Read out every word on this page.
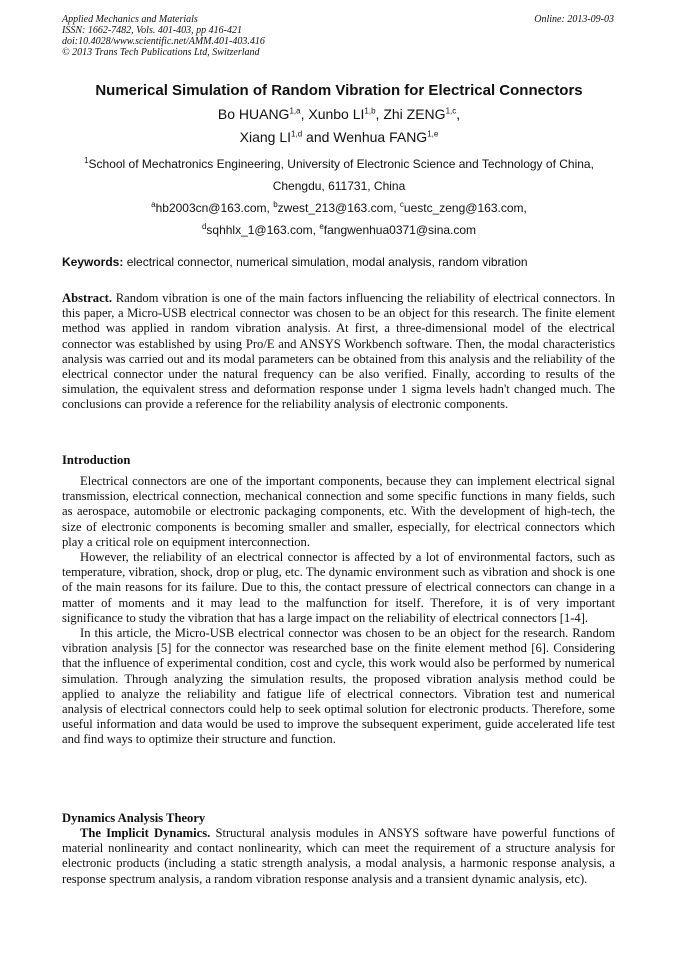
Applied Mechanics and Materials
ISSN: 1662-7482, Vols. 401-403, pp 416-421
doi:10.4028/www.scientific.net/AMM.401-403.416
© 2013 Trans Tech Publications Ltd, Switzerland
Online: 2013-09-03
Numerical Simulation of Random Vibration for Electrical Connectors
Bo HUANG$^{1,a}$, Xunbo LI$^{1,b}$, Zhi ZENG$^{1,c}$,
Xiang LI$^{1,d}$ and Wenhua FANG$^{1,e}$
$^1$School of Mechatronics Engineering, University of Electronic Science and Technology of China,
Chengdu, 611731, China
$^a$hb2003cn@163.com, $^b$zwest_213@163.com, $^c$uestc_zeng@163.com,
$^d$sqhhlx_1@163.com, $^e$fangwenhua0371@sina.com
Keywords: electrical connector, numerical simulation, modal analysis, random vibration
Abstract. Random vibration is one of the main factors influencing the reliability of electrical connectors. In this paper, a Micro-USB electrical connector was chosen to be an object for this research. The finite element method was applied in random vibration analysis. At first, a three-dimensional model of the electrical connector was established by using Pro/E and ANSYS Workbench software. Then, the modal characteristics analysis was carried out and its modal parameters can be obtained from this analysis and the reliability of the electrical connector under the natural frequency can be also verified. Finally, according to results of the simulation, the equivalent stress and deformation response under 1 sigma levels hadn't changed much. The conclusions can provide a reference for the reliability analysis of electronic components.
Introduction

Electrical connectors are one of the important components, because they can implement electrical signal transmission, electrical connection, mechanical connection and some specific functions in many fields, such as aerospace, automobile or electronic packaging components, etc. With the development of high-tech, the size of electronic components is becoming smaller and smaller, especially, for electrical connectors which play a critical role on equipment interconnection.

However, the reliability of an electrical connector is affected by a lot of environmental factors, such as temperature, vibration, shock, drop or plug, etc. The dynamic environment such as vibration and shock is one of the main reasons for its failure. Due to this, the contact pressure of electrical connectors can change in a matter of moments and it may lead to the malfunction for itself. Therefore, it is of very important significance to study the vibration that has a large impact on the reliability of electrical connectors [1-4].

In this article, the Micro-USB electrical connector was chosen to be an object for the research. Random vibration analysis [5] for the connector was researched base on the finite element method [6]. Considering that the influence of experimental condition, cost and cycle, this work would also be performed by numerical simulation. Through analyzing the simulation results, the proposed vibration analysis method could be applied to analyze the reliability and fatigue life of electrical connectors. Vibration test and numerical analysis of electrical connectors could help to seek optimal solution for electronic products. Therefore, some useful information and data would be used to improve the subsequent experiment, guide accelerated life test and find ways to optimize their structure and function.

Dynamics Analysis Theory
The Implicit Dynamics. Structural analysis modules in ANSYS software have powerful functions of material nonlinearity and contact nonlinearity, which can meet the requirement of a structure analysis for electronic products (including a static strength analysis, a modal analysis, a harmonic response analysis, a response spectrum analysis, a random vibration response analysis and a transient dynamic analysis, etc).
